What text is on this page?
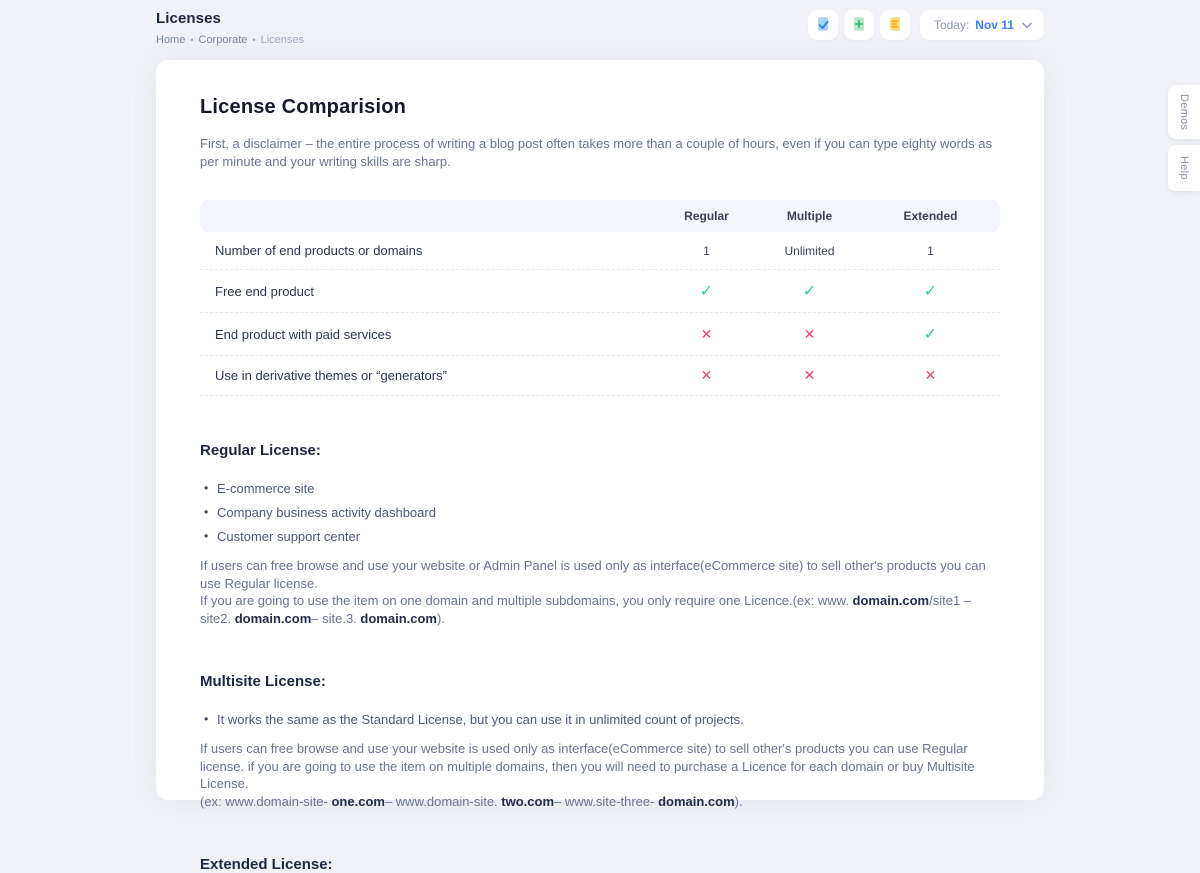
Licenses
Home • Corporate • Licenses
Today: Nov 11
Demos
Help
License Comparision

First, a disclaimer – the entire process of writing a blog post often takes more than a couple of hours, even if you can type eighty words as per minute and your writing skills are sharp.

	Regular	Multiple	Extended
Number of end products or domains	1	Unlimited	1
Free end product	✓	✓	✓
End product with paid services	✕	✕	✓
Use in derivative themes or “generators”	✕	✕	✕
Regular License:
• E-commerce site
• Company business activity dashboard
• Customer support center

If users can free browse and use your website or Admin Panel is used only as interface(eCommerce site) to sell other's products you can use Regular license.
If you are going to use the item on one domain and multiple subdomains, you only require one Licence.(ex: www. domain.com/site1 – site2. domain.com– site.3. domain.com).

Multisite License:
• It works the same as the Standard License, but you can use it in unlimited count of projects.

If users can free browse and use your website is used only as interface(eCommerce site) to sell other's products you can use Regular license. if you are going to use the item on multiple domains, then you will need to purchase a Licence for each domain or buy Multisite License.
(ex: www.domain-site- one.com– www.domain-site. two.com– www.site-three- domain.com).

Extended License:
